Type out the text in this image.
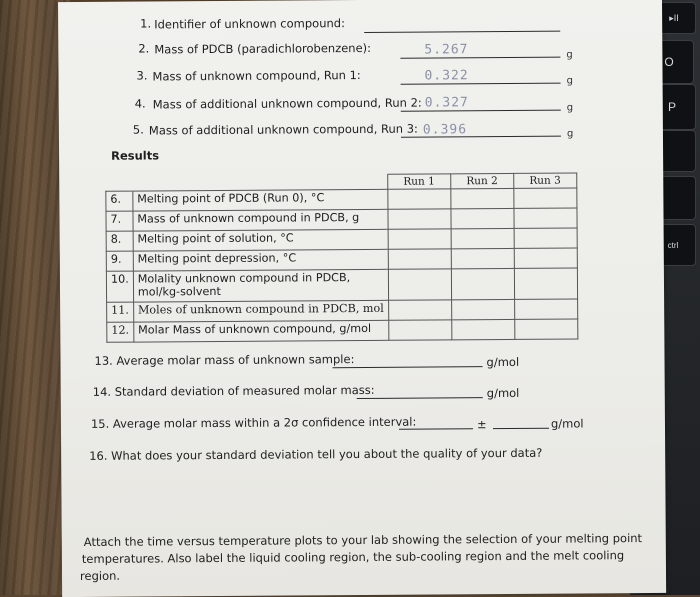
▸II
O
P
ctrl
1. Identifier of unknown compound:
2. Mass of PDCB (paradichlorobenzene):	5.267	g
3. Mass of unknown compound, Run 1:	0.322	g
4. Mass of additional unknown compound, Run 2: 0.327	g
5. Mass of additional unknown compound, Run 3: 0.396	g
Results
		Run 1	Run 2	Run 3
6.	Melting point of PDCB (Run 0), °C			
7.	Mass of unknown compound in PDCB, g			
8.	Melting point of solution, °C			
9.	Melting point depression, °C			
10.	Molality unknown compound in PDCB,
mol/kg-solvent			

11.	Moles of unknown compound in PDCB, mol			
12.	Molar Mass of unknown compound, g/mol			
13. Average molar mass of unknown sample:	g/mol
14. Standard deviation of measured molar mass:	g/mol
15. Average molar mass within a 2σ confidence interval:	±	g/mol
16. What does your standard deviation tell you about the quality of your data?
Attach the time versus temperature plots to your lab showing the selection of your melting point
temperatures. Also label the liquid cooling region, the sub-cooling region and the melt cooling
region.
